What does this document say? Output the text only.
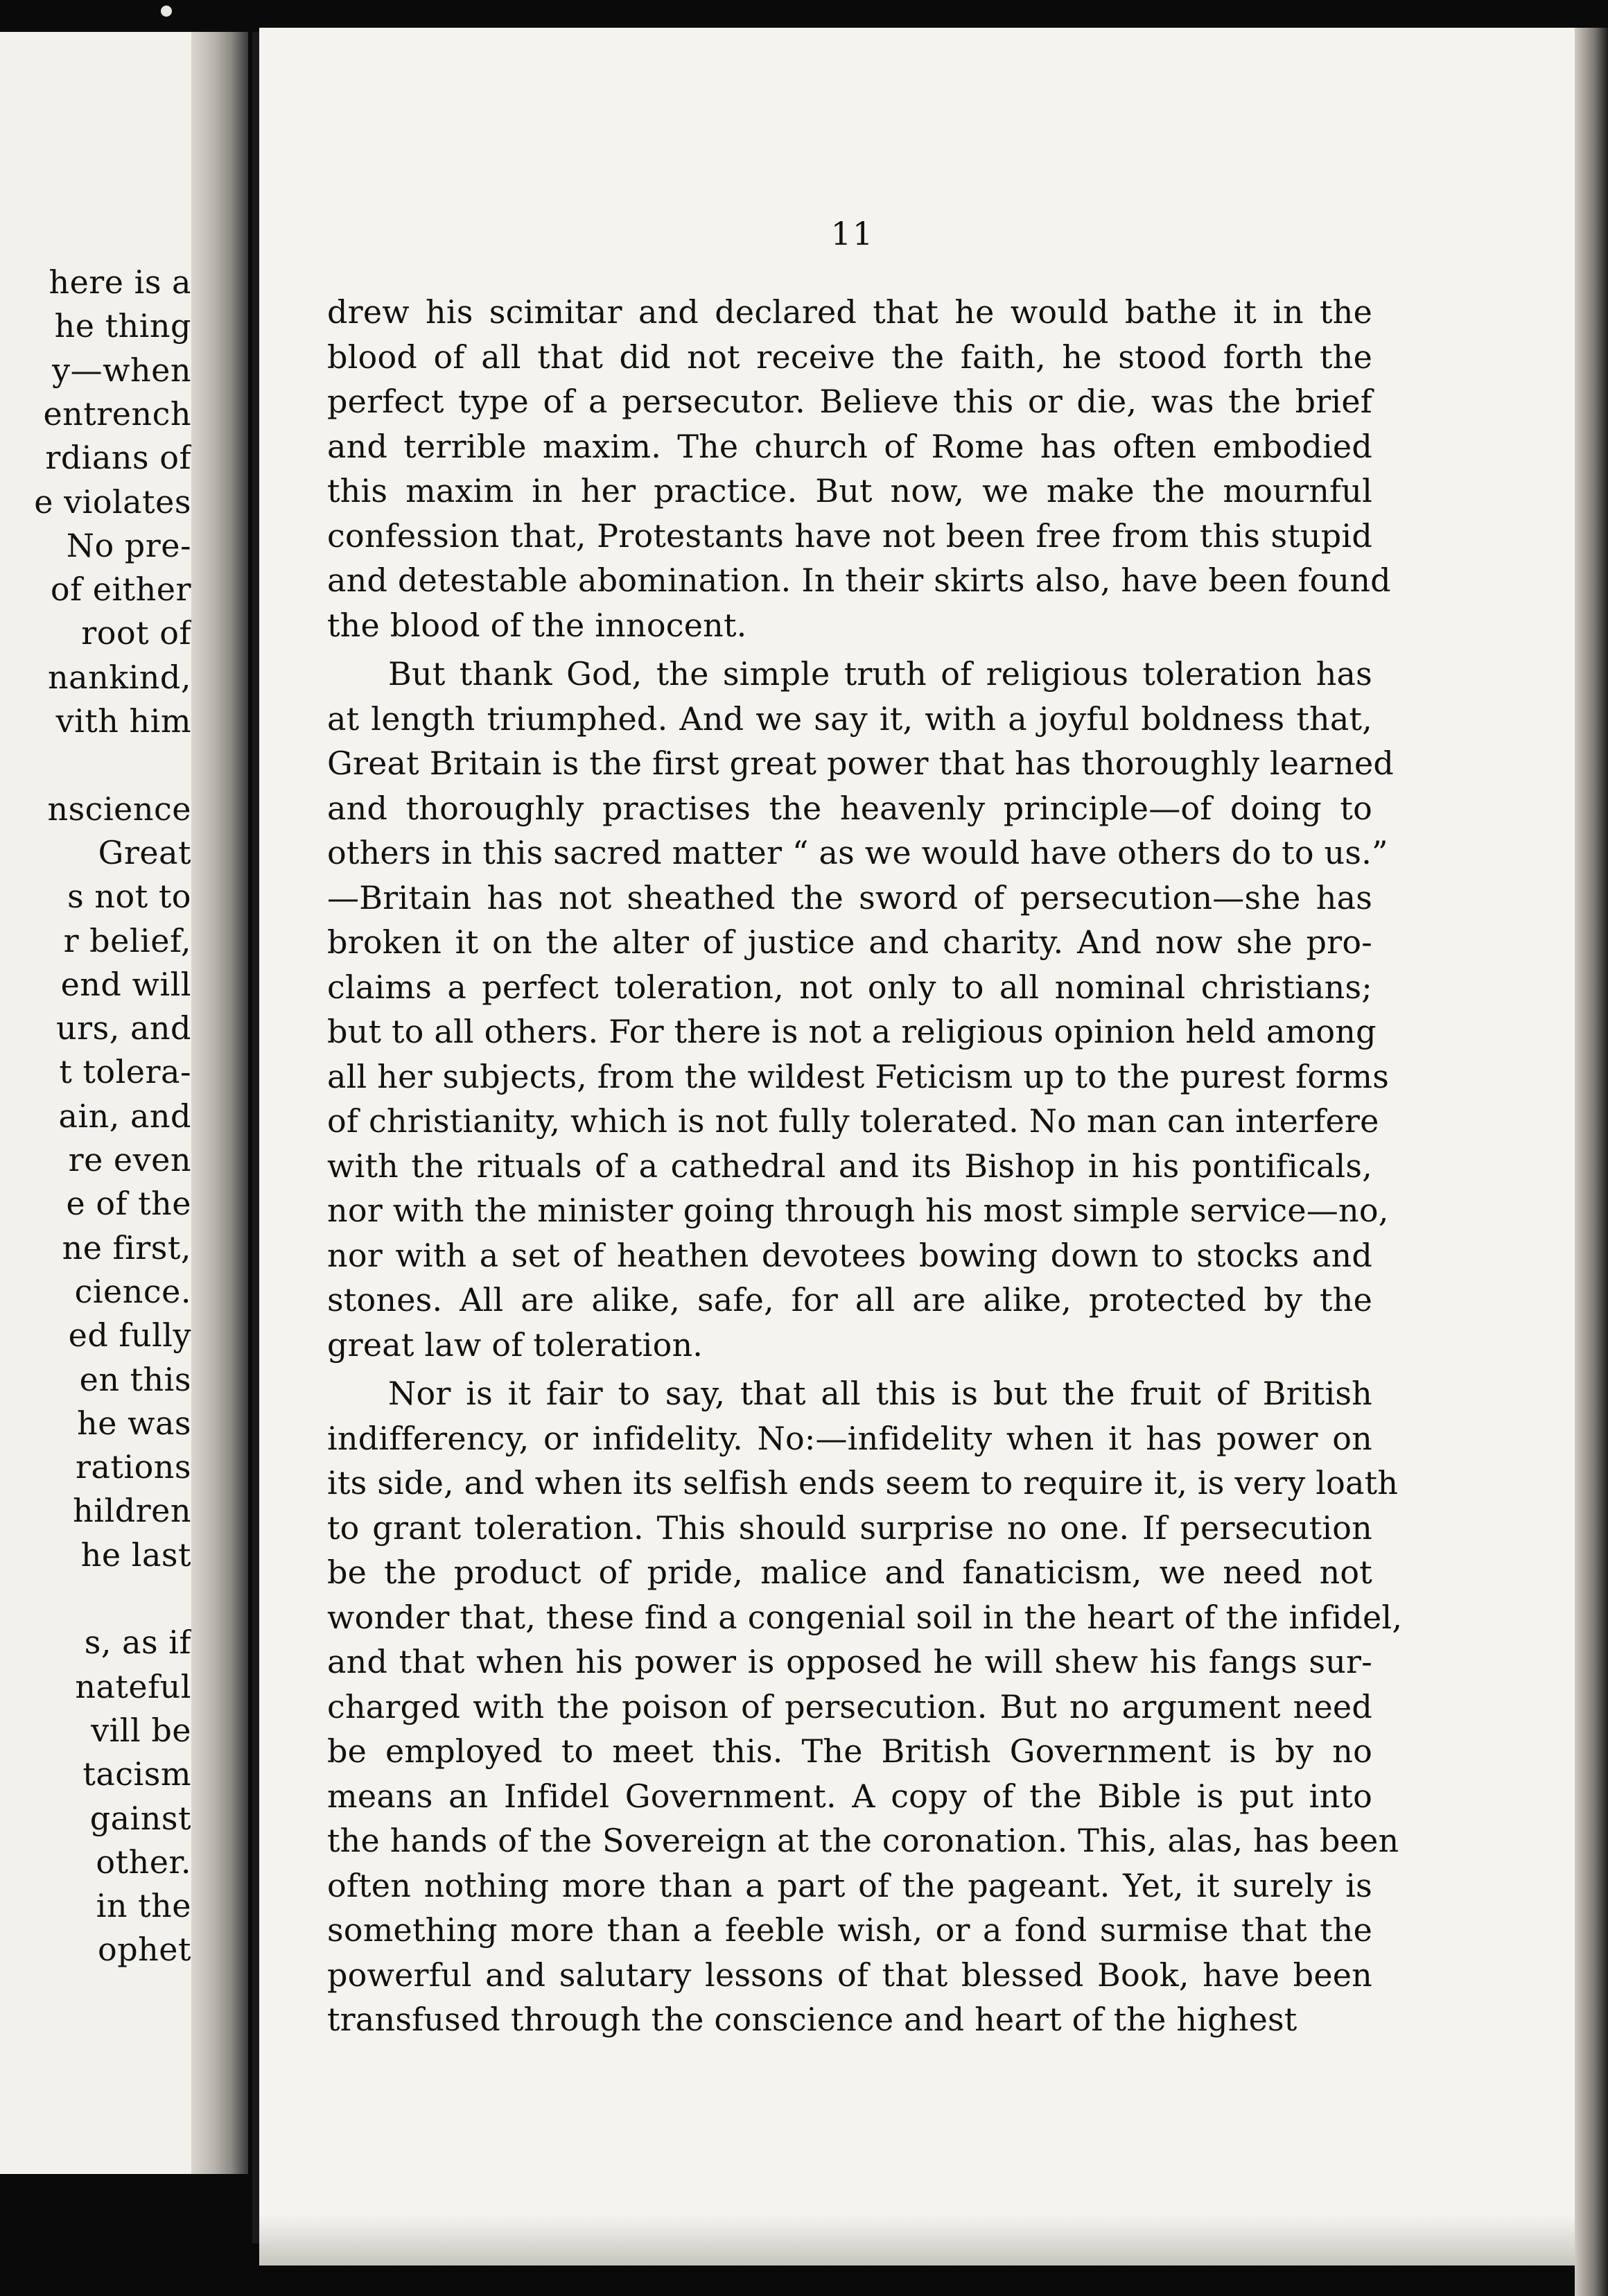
here is a
he thing
y—when
entrench
rdians of
e violates
No pre-
of either
root of
nankind,
vith him
nscience
Great
s not to
r belief,
end will
urs, and
t tolera-
ain, and
re even
e of the
ne first,
cience.
ed fully
en this
he was
rations
hildren
he last
s, as if
nateful
vill be
tacism
gainst
other.
in the
ophet
11
drew his scimitar and declared that he would bathe it in the
blood of all that did not receive the faith, he stood forth the
perfect type of a persecutor. Believe this or die, was the brief
and terrible maxim. The church of Rome has often embodied
this maxim in her practice. But now, we make the mournful
confession that, Protestants have not been free from this stupid
and detestable abomination. In their skirts also, have been found
the blood of the innocent.
But thank God, the simple truth of religious toleration has
at length triumphed. And we say it, with a joyful boldness that,
Great Britain is the first great power that has thoroughly learned
and thoroughly practises the heavenly principle—of doing to
others in this sacred matter “ as we would have others do to us.”
—Britain has not sheathed the sword of persecution—she has
broken it on the alter of justice and charity. And now she pro-
claims a perfect toleration, not only to all nominal christians;
but to all others. For there is not a religious opinion held among
all her subjects, from the wildest Feticism up to the purest forms
of christianity, which is not fully tolerated. No man can interfere
with the rituals of a cathedral and its Bishop in his pontificals,
nor with the minister going through his most simple service—no,
nor with a set of heathen devotees bowing down to stocks and
stones. All are alike, safe, for all are alike, protected by the
great law of toleration.
Nor is it fair to say, that all this is but the fruit of British
indifferency, or infidelity. No:—infidelity when it has power on
its side, and when its selfish ends seem to require it, is very loath
to grant toleration. This should surprise no one. If persecution
be the product of pride, malice and fanaticism, we need not
wonder that, these find a congenial soil in the heart of the infidel,
and that when his power is opposed he will shew his fangs sur-
charged with the poison of persecution. But no argument need
be employed to meet this. The British Government is by no
means an Infidel Government. A copy of the Bible is put into
the hands of the Sovereign at the coronation. This, alas, has been
often nothing more than a part of the pageant. Yet, it surely is
something more than a feeble wish, or a fond surmise that the
powerful and salutary lessons of that blessed Book, have been
transfused through the conscience and heart of the highest
